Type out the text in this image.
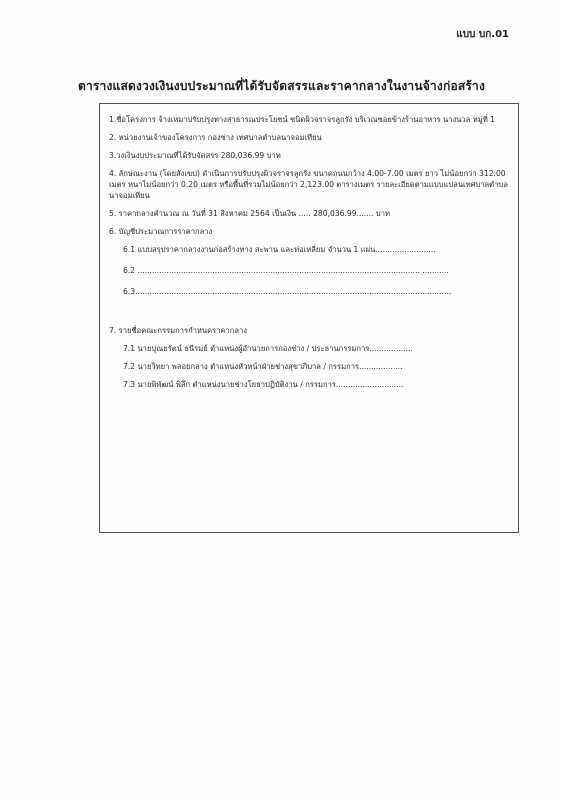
แบบ บก.01
ตารางแสดงวงเงินงบประมาณที่ได้รับจัดสรรและราคากลางในงานจ้างก่อสร้าง
1.ชื่อโครงการ จ้างเหมาปรับปรุงทางสาธารณประโยชน์ ชนิดผิวจราจรลูกรัง บริเวณซอยข้างร้านอาหาร นางนวล หมู่ที่ 1
2. หน่วยงานเจ้าของโครงการ กองช่าง เทศบาลตำบลนาจอมเทียน
3.วงเงินงบประมาณที่ได้รับจัดสรร 280,036.99 บาท
4. ลักษณะงาน (โดยสังเขป) ดำเนินการปรับปรุงผิวจราจรลูกรัง ขนาดถนนกว้าง 4.00-7.00 เมตร ยาว ไม่น้อยกว่า 312.00 เมตร หนาไม่น้อยกว่า 0.20 เมตร หรือพื้นที่รวมไม่น้อยกว่า 2,123.00 ตารางเมตร รายละเอียดตามแบบแปลนเทศบาลตำบลนาจอมเทียน
5. ราคากลางคำนวณ ณ วันที่ 31 สิงหาคม 2564 เป็นเงิน ..... 280,036.99....... บาท
6. บัญชีประมาณการราคากลาง
6.1 แบบสรุปราคากลางงานก่อสร้างทาง สะพาน และท่อเหลี่ยม จำนวน 1 แผ่น.........................
6.2 ..................................................................................................................... ...........
6.3...................................................................................................................................
7. รายชื่อคณะกรรมการกำหนดราคากลาง
7.1 นายปุณยรัตน์ ธนีรมย์ ตำแหน่งผู้อำนวยการกองช่าง / ประธานกรรมการ..................
7.2 นายวิทยา พลอยกลาง ตำแหน่งหัวหน้าฝ่ายช่างสุขาภิบาล / กรรมการ..................
7.3 นายพิพัฒน์ พิลึก ตำแหน่งนายช่างโยธาปฏิบัติงาน / กรรมการ............................
